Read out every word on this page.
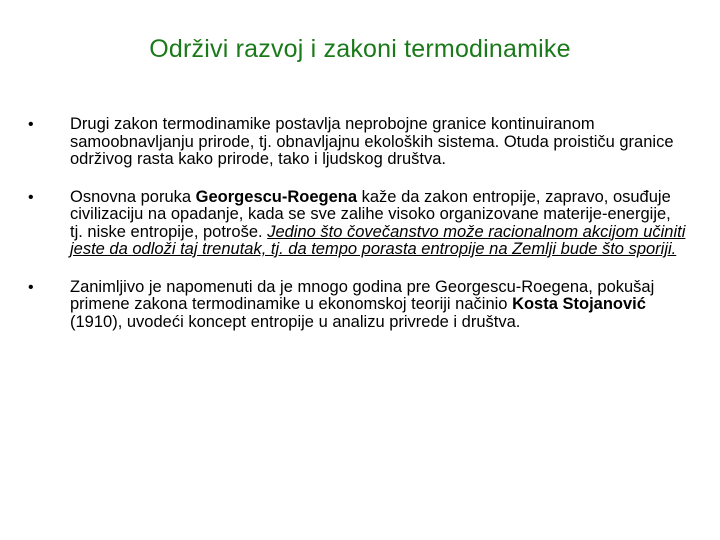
Održivi razvoj i zakoni termodinamike
•	Drugi zakon termodinamike postavlja neprobojne granice kontinuiranom samoobnavljanju prirode, tj. obnavljajnu ekoloških sistema. Otuda proističu granice održivog rasta kako prirode, tako i ljudskog društva.
•	Osnovna poruka Georgescu-Roegena kaže da zakon entropije, zapravo, osuđuje civilizaciju na opadanje, kada se sve zalihe visoko organizovane materije-energije, tj. niske entropije, potroše. Jedino što čovečanstvo može racionalnom akcijom učiniti jeste da odloži taj trenutak, tj. da tempo porasta entropije na Zemlji bude što sporiji.
•	Zanimljivo je napomenuti da je mnogo godina pre Georgescu-Roegena, pokušaj primene zakona termodinamike u ekonomskoj teoriji načinio Kosta Stojanović (1910), uvodeći koncept entropije u analizu privrede i društva.
